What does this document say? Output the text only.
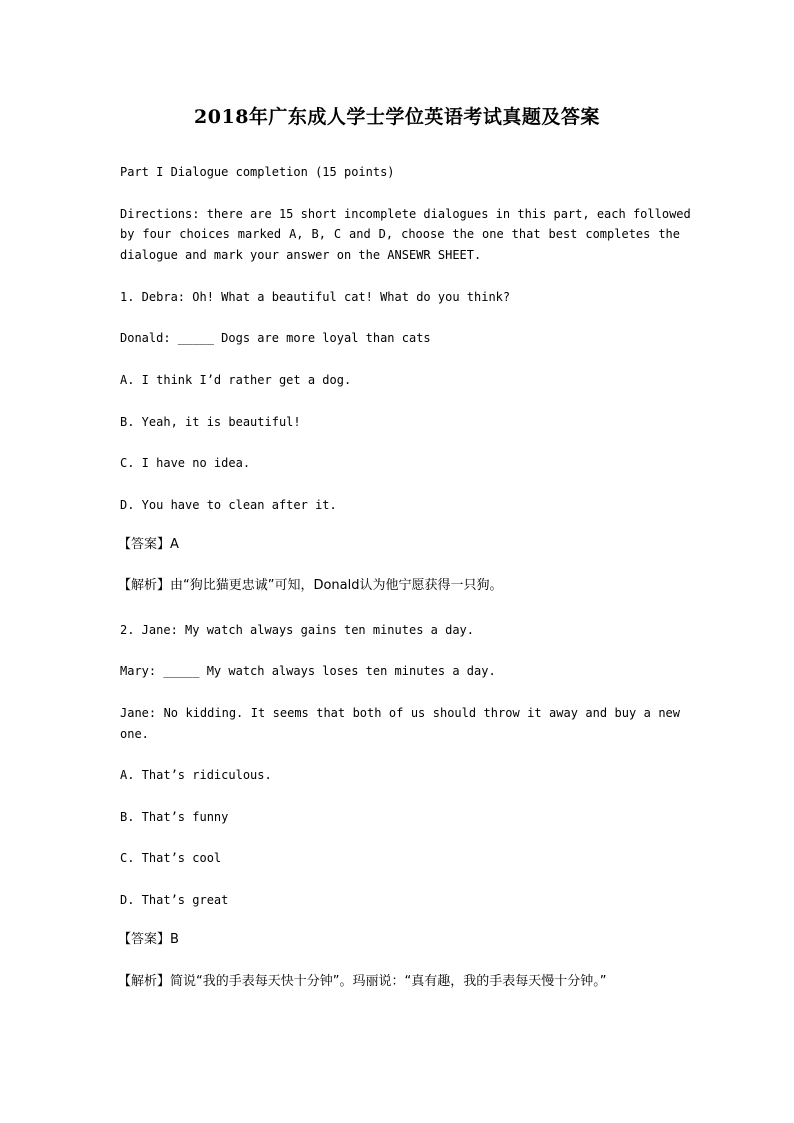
2018年广东成人学士学位英语考试真题及答案
Part I Dialogue completion (15 points)
Directions: there are 15 short incomplete dialogues in this part, each followed
by four choices marked A, B, C and D, choose the one that best completes the
dialogue and mark your answer on the ANSEWR SHEET.
1. Debra: Oh! What a beautiful cat! What do you think?
Donald: _____ Dogs are more loyal than cats
A. I think I’d rather get a dog.
B. Yeah, it is beautiful!
C. I have no idea.
D. You have to clean after it.
【答案】A
【解析】由“狗比猫更忠诚”可知，Donald认为他宁愿获得一只狗。
2. Jane: My watch always gains ten minutes a day.
Mary: _____ My watch always loses ten minutes a day.
Jane: No kidding. It seems that both of us should throw it away and buy a new
one.
A. That’s ridiculous.
B. That’s funny
C. That’s cool
D. That’s great
【答案】B
【解析】简说“我的手表每天快十分钟”。玛丽说：“真有趣，我的手表每天慢十分钟。”
